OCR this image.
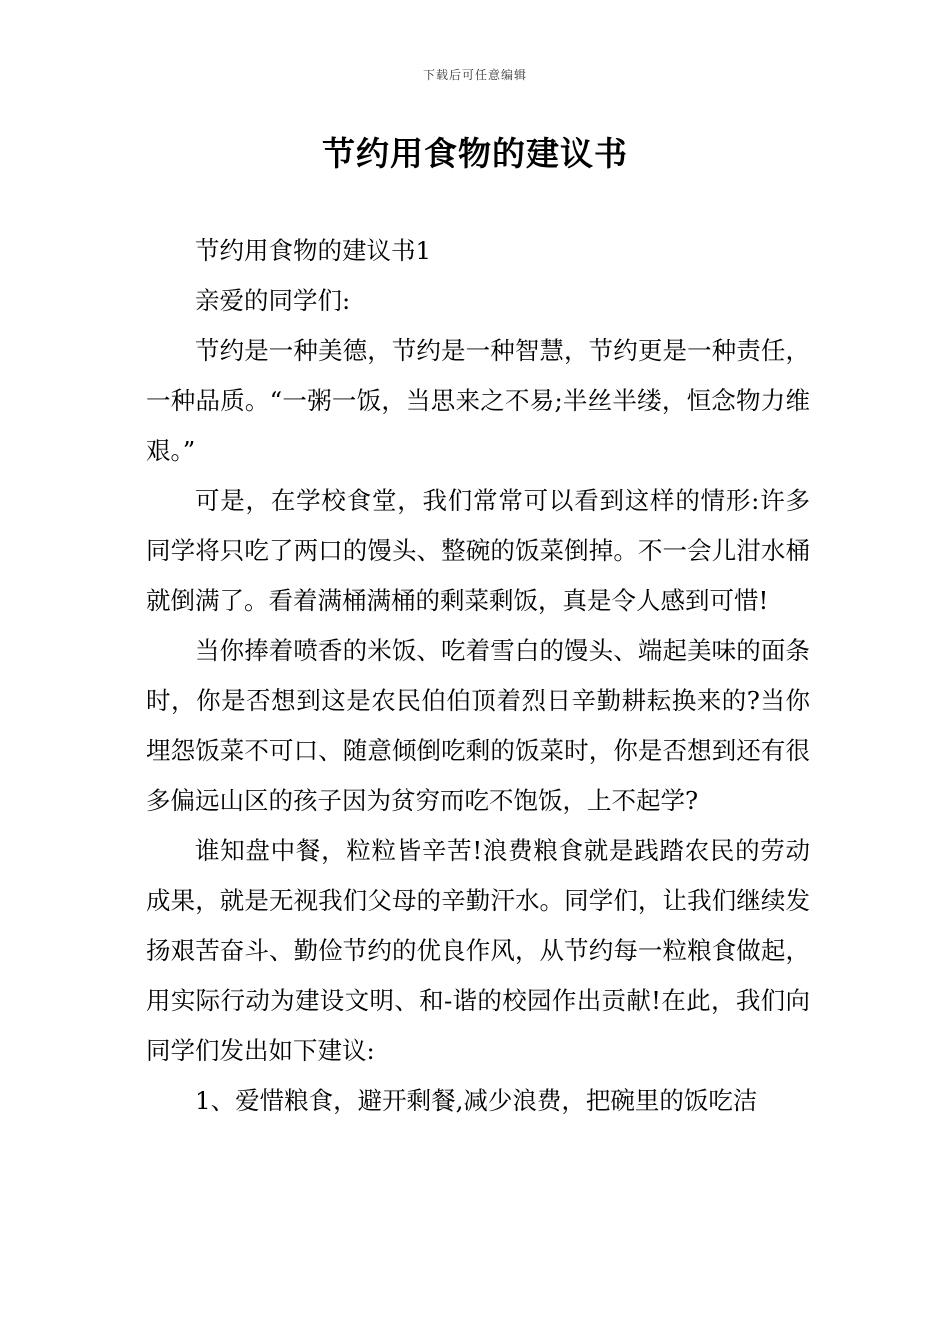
下载后可任意编辑
节约用食物的建议书

节约用食物的建议书1

亲爱的同学们:

节约是一种美德，节约是一种智慧，节约更是一种责任，一种品质。“一粥一饭，当思来之不易;半丝半缕，恒念物力维艰。”

可是，在学校食堂，我们常常可以看到这样的情形:许多同学将只吃了两口的馒头、整碗的饭菜倒掉。不一会儿泔水桶就倒满了。看着满桶满桶的剩菜剩饭，真是令人感到可惜!

当你捧着喷香的米饭、吃着雪白的馒头、端起美味的面条时，你是否想到这是农民伯伯顶着烈日辛勤耕耘换来的?当你埋怨饭菜不可口、随意倾倒吃剩的饭菜时，你是否想到还有很多偏远山区的孩子因为贫穷而吃不饱饭，上不起学?

谁知盘中餐，粒粒皆辛苦!浪费粮食就是践踏农民的劳动成果，就是无视我们父母的辛勤汗水。同学们，让我们继续发扬艰苦奋斗、勤俭节约的优良作风，从节约每一粒粮食做起，用实际行动为建设文明、和-谐的校园作出贡献!在此，我们向同学们发出如下建议:

1、爱惜粮食，避开剩餐,减少浪费，把碗里的饭吃洁
